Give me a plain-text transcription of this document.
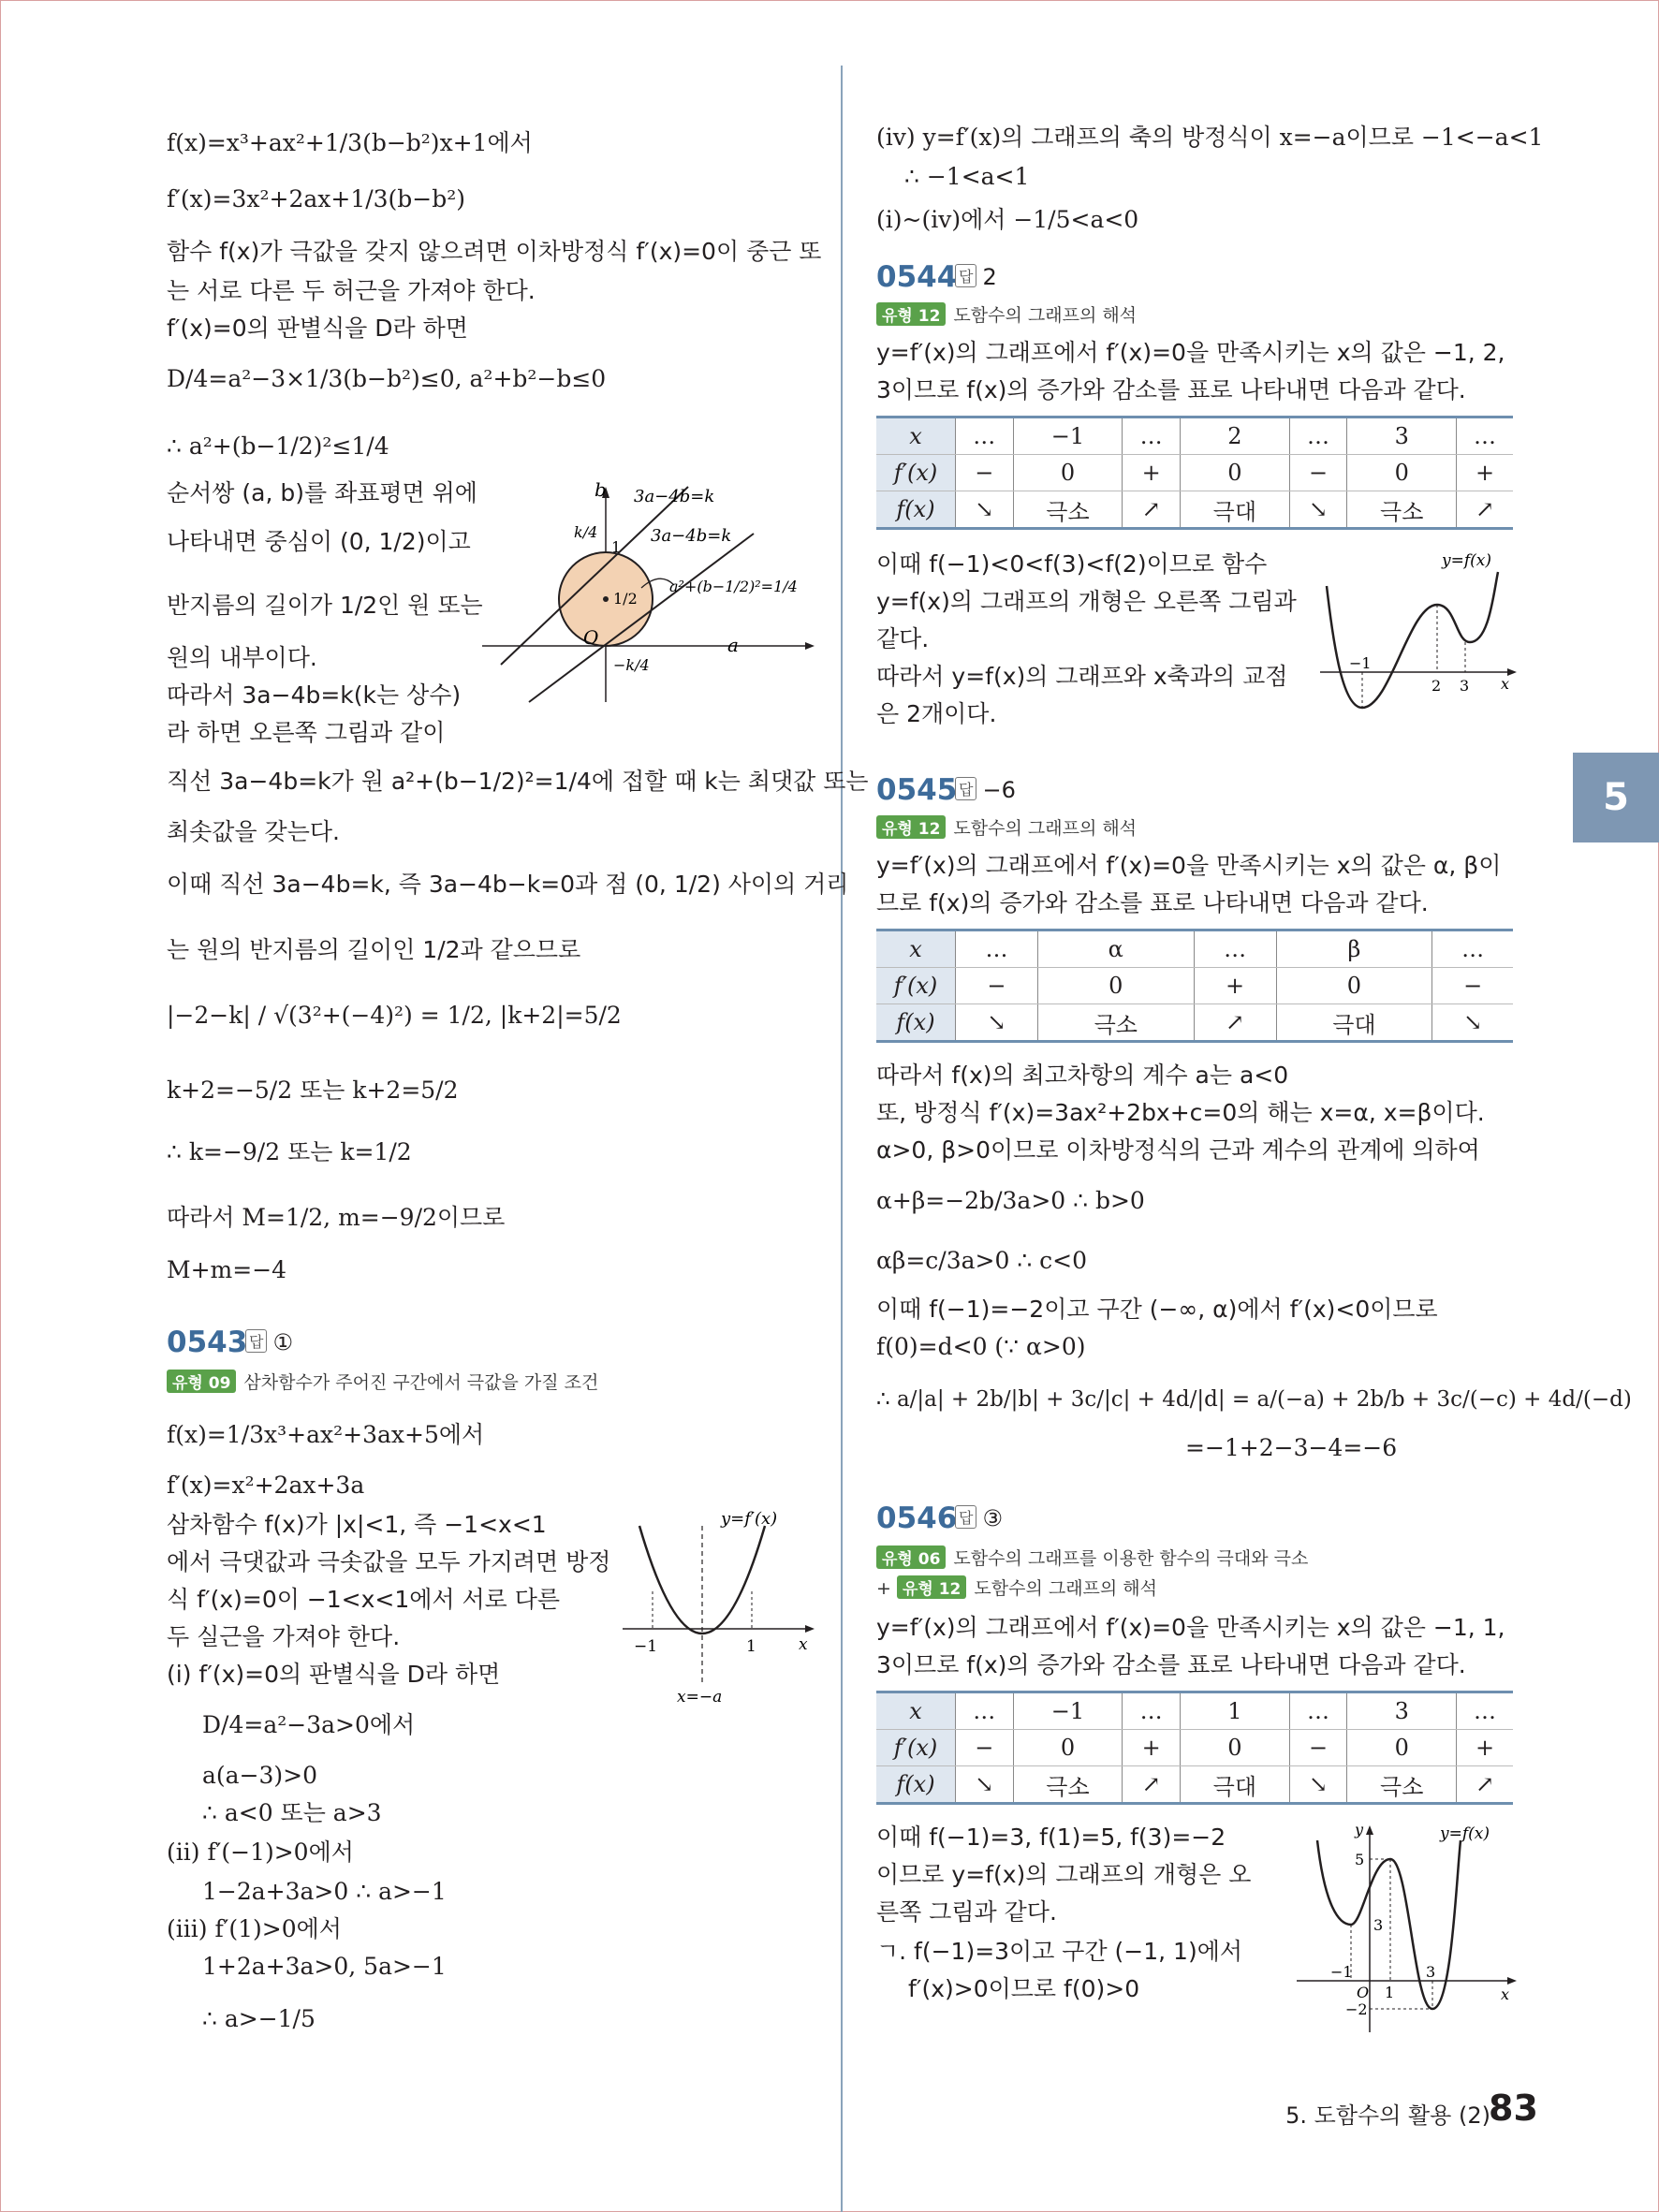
f(x)=x³+ax²+1/3(b−b²)x+1에서
f′(x)=3x²+2ax+1/3(b−b²)
함수 f(x)가 극값을 갖지 않으려면 이차방정식 f′(x)=0이 중근 또
는 서로 다른 두 허근을 가져야 한다.
f′(x)=0의 판별식을 D라 하면
D/4=a²−3×1/3(b−b²)≤0, a²+b²−b≤0
∴ a²+(b−1/2)²≤1/4
순서쌍 (a, b)를 좌표평면 위에
나타내면 중심이 (0, 1/2)이고
반지름의 길이가 1/2인 원 또는
원의 내부이다.
따라서 3a−4b=k(k는 상수)
라 하면 오른쪽 그림과 같이
직선 3a−4b=k가 원 a²+(b−1/2)²=1/4에 접할 때 k는 최댓값 또는
최솟값을 갖는다.
이때 직선 3a−4b=k, 즉 3a−4b−k=0과 점 (0, 1/2) 사이의 거리
는 원의 반지름의 길이인 1/2과 같으므로
|−2−k| / √(3²+(−4)²) = 1/2, |k+2|=5/2
k+2=−5/2 또는 k+2=5/2
∴ k=−9/2 또는 k=1/2
따라서 M=1/2, m=−9/2이므로
M+m=−4
b
a
O
3a−4b=k
3a−4b=k
k/4
−k/4
1
1/2
a²+(b−1/2)²=1/4
0543 답 ①
유형 09 삼차함수가 주어진 구간에서 극값을 가질 조건
f(x)=1/3x³+ax²+3ax+5에서
f′(x)=x²+2ax+3a
삼차함수 f(x)가 |x|<1, 즉 −1<x<1
에서 극댓값과 극솟값을 모두 가지려면 방정
식 f′(x)=0이 −1<x<1에서 서로 다른
두 실근을 가져야 한다.
(ⅰ) f′(x)=0의 판별식을 D라 하면
D/4=a²−3a>0에서
a(a−3)>0
∴ a<0 또는 a>3
(ⅱ) f′(−1)>0에서
1−2a+3a>0 ∴ a>−1
(ⅲ) f′(1)>0에서
1+2a+3a>0, 5a>−1
∴ a>−1/5
y=f′(x)
−1	1	x
x=−a
(ⅳ) y=f′(x)의 그래프의 축의 방정식이 x=−a이므로 −1<−a<1
∴ −1<a<1
(ⅰ)~(ⅳ)에서 −1/5<a<0
0544 답 2
유형 12 도함수의 그래프의 해석
y=f′(x)의 그래프에서 f′(x)=0을 만족시키는 x의 값은 −1, 2,
3이므로 f(x)의 증가와 감소를 표로 나타내면 다음과 같다.
x	…	−1	…	2	…	3	…
f′(x)	−	0	+	0	−	0	+
f(x)	↘	극소	↗	극대	↘	극소	↗
이때 f(−1)<0<f(3)<f(2)이므로 함수
y=f(x)의 그래프의 개형은 오른쪽 그림과
같다.
따라서 y=f(x)의 그래프와 x축과의 교점
은 2개이다.
y=f(x)
−1
2 3 x
0545 답 −6
유형 12 도함수의 그래프의 해석
y=f′(x)의 그래프에서 f′(x)=0을 만족시키는 x의 값은 α, β이
므로 f(x)의 증가와 감소를 표로 나타내면 다음과 같다.
x	…	α	…	β	…
f′(x)	−	0	+	0	−
f(x)	↘	극소	↗	극대	↘
따라서 f(x)의 최고차항의 계수 a는 a<0
또, 방정식 f′(x)=3ax²+2bx+c=0의 해는 x=α, x=β이다.
α>0, β>0이므로 이차방정식의 근과 계수의 관계에 의하여
α+β=−2b/3a>0 ∴ b>0
αβ=c/3a>0 ∴ c<0
이때 f(−1)=−2이고 구간 (−∞, α)에서 f′(x)<0이므로
f(0)=d<0 (∵ α>0)
∴ a/|a| + 2b/|b| + 3c/|c| + 4d/|d| = a/(−a) + 2b/b + 3c/(−c) + 4d/(−d)
=−1+2−3−4=−6
0546 답 ③
유형 06 도함수의 그래프를 이용한 함수의 극대와 극소
+ 유형 12 도함수의 그래프의 해석
y=f′(x)의 그래프에서 f′(x)=0을 만족시키는 x의 값은 −1, 1,
3이므로 f(x)의 증가와 감소를 표로 나타내면 다음과 같다.
x	…	−1	…	1	…	3	…
f′(x)	−	0	+	0	−	0	+
f(x)	↘	극소	↗	극대	↘	극소	↗
이때 f(−1)=3, f(1)=5, f(3)=−2
이므로 y=f(x)의 그래프의 개형은 오
른쪽 그림과 같다.
ㄱ. f(−1)=3이고 구간 (−1, 1)에서
f′(x)>0이므로 f(0)>0
y=f(x)
y
x
O
5
3
−2
−1
1
3
5
5. 도함수의 활용 (2)
83
